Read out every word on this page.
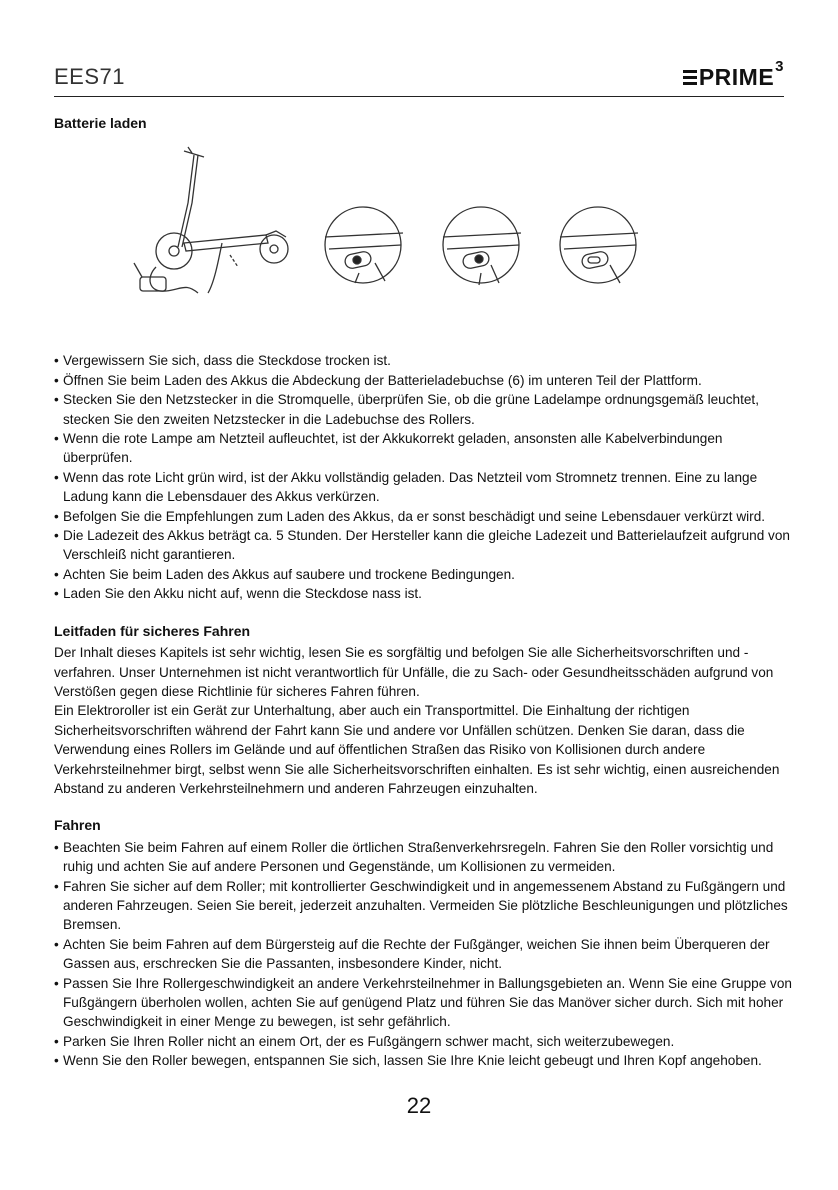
EES71	PRIME$^3$
Batterie laden
• Vergewissern Sie sich, dass die Steckdose trocken ist.
• Öffnen Sie beim Laden des Akkus die Abdeckung der Batterieladebuchse (6) im unteren Teil der Plattform.
• Stecken Sie den Netzstecker in die Stromquelle, überprüfen Sie, ob die grüne Ladelampe ordnungsgemäß leuchtet, stecken Sie den zweiten Netzstecker in die Ladebuchse des Rollers.
• Wenn die rote Lampe am Netzteil aufleuchtet, ist der Akkukorrekt geladen, ansonsten alle Kabelverbindungen überprüfen.
• Wenn das rote Licht grün wird, ist der Akku vollständig geladen. Das Netzteil vom Stromnetz trennen. Eine zu lange Ladung kann die Lebensdauer des Akkus verkürzen.
• Befolgen Sie die Empfehlungen zum Laden des Akkus, da er sonst beschädigt und seine Lebensdauer verkürzt wird.
• Die Ladezeit des Akkus beträgt ca. 5 Stunden. Der Hersteller kann die gleiche Ladezeit und Batterielaufzeit aufgrund von Verschleiß nicht garantieren.
• Achten Sie beim Laden des Akkus auf saubere und trockene Bedingungen.
• Laden Sie den Akku nicht auf, wenn die Steckdose nass ist.
Leitfaden für sicheres Fahren

Der Inhalt dieses Kapitels ist sehr wichtig, lesen Sie es sorgfältig und befolgen Sie alle Sicherheitsvorschriften und -verfahren. Unser Unternehmen ist nicht verantwortlich für Unfälle, die zu Sach- oder Gesundheitsschäden aufgrund von Verstößen gegen diese Richtlinie für sicheres Fahren führen.

Ein Elektroroller ist ein Gerät zur Unterhaltung, aber auch ein Transportmittel. Die Einhaltung der richtigen Sicherheitsvorschriften während der Fahrt kann Sie und andere vor Unfällen schützen. Denken Sie daran, dass die Verwendung eines Rollers im Gelände und auf öffentlichen Straßen das Risiko von Kollisionen durch andere Verkehrsteilnehmer birgt, selbst wenn Sie alle Sicherheitsvorschriften einhalten. Es ist sehr wichtig, einen ausreichenden Abstand zu anderen Verkehrsteilnehmern und anderen Fahrzeugen einzuhalten.

Fahren
• Beachten Sie beim Fahren auf einem Roller die örtlichen Straßenverkehrsregeln. Fahren Sie den Roller vorsichtig und ruhig und achten Sie auf andere Personen und Gegenstände, um Kollisionen zu vermeiden.
• Fahren Sie sicher auf dem Roller; mit kontrollierter Geschwindigkeit und in angemessenem Abstand zu Fußgängern und anderen Fahrzeugen. Seien Sie bereit, jederzeit anzuhalten. Vermeiden Sie plötzliche Beschleunigungen und plötzliches Bremsen.
• Achten Sie beim Fahren auf dem Bürgersteig auf die Rechte der Fußgänger, weichen Sie ihnen beim Überqueren der Gassen aus, erschrecken Sie die Passanten, insbesondere Kinder, nicht.
• Passen Sie Ihre Rollergeschwindigkeit an andere Verkehrsteilnehmer in Ballungsgebieten an. Wenn Sie eine Gruppe von Fußgängern überholen wollen, achten Sie auf genügend Platz und führen Sie das Manöver sicher durch. Sich mit hoher Geschwindigkeit in einer Menge zu bewegen, ist sehr gefährlich.
• Parken Sie Ihren Roller nicht an einem Ort, der es Fußgängern schwer macht, sich weiterzubewegen.
• Wenn Sie den Roller bewegen, entspannen Sie sich, lassen Sie Ihre Knie leicht gebeugt und Ihren Kopf angehoben.
22
